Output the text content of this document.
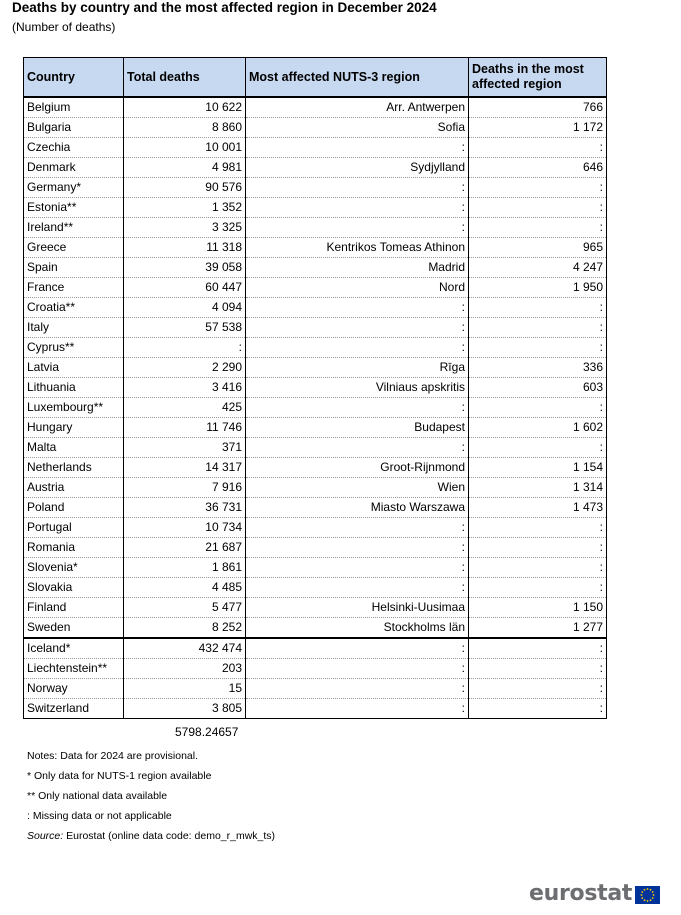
Deaths by country and the most affected region in December 2024
(Number of deaths)
Country	Total deaths	Most affected NUTS-3 region	Deaths in the most affected region
Belgium	10 622	Arr. Antwerpen	766
Bulgaria	8 860	Sofia	1 172
Czechia	10 001	:	:
Denmark	4 981	Sydjylland	646
Germany*	90 576	:	:
Estonia**	1 352	:	:
Ireland**	3 325	:	:
Greece	11 318	Kentrikos Tomeas Athinon	965
Spain	39 058	Madrid	4 247
France	60 447	Nord	1 950
Croatia**	4 094	:	:
Italy	57 538	:	:
Cyprus**	:	:	:
Latvia	2 290	Rīga	336
Lithuania	3 416	Vilniaus apskritis	603
Luxembourg**	425	:	:
Hungary	11 746	Budapest	1 602
Malta	371	:	:
Netherlands	14 317	Groot-Rijnmond	1 154
Austria	7 916	Wien	1 314
Poland	36 731	Miasto Warszawa	1 473
Portugal	10 734	:	:
Romania	21 687	:	:
Slovenia*	1 861	:	:
Slovakia	4 485	:	:
Finland	5 477	Helsinki-Uusimaa	1 150
Sweden	8 252	Stockholms län	1 277
Iceland*	432 474	:	:
Liechtenstein**	203	:	:
Norway	15	:	:
Switzerland	3 805	:	:
5798.24657
Notes: Data for 2024 are provisional.
* Only data for NUTS-1 region available
** Only national data available
: Missing data or not applicable
Source: Eurostat (online data code: demo_r_mwk_ts)
eurostat
